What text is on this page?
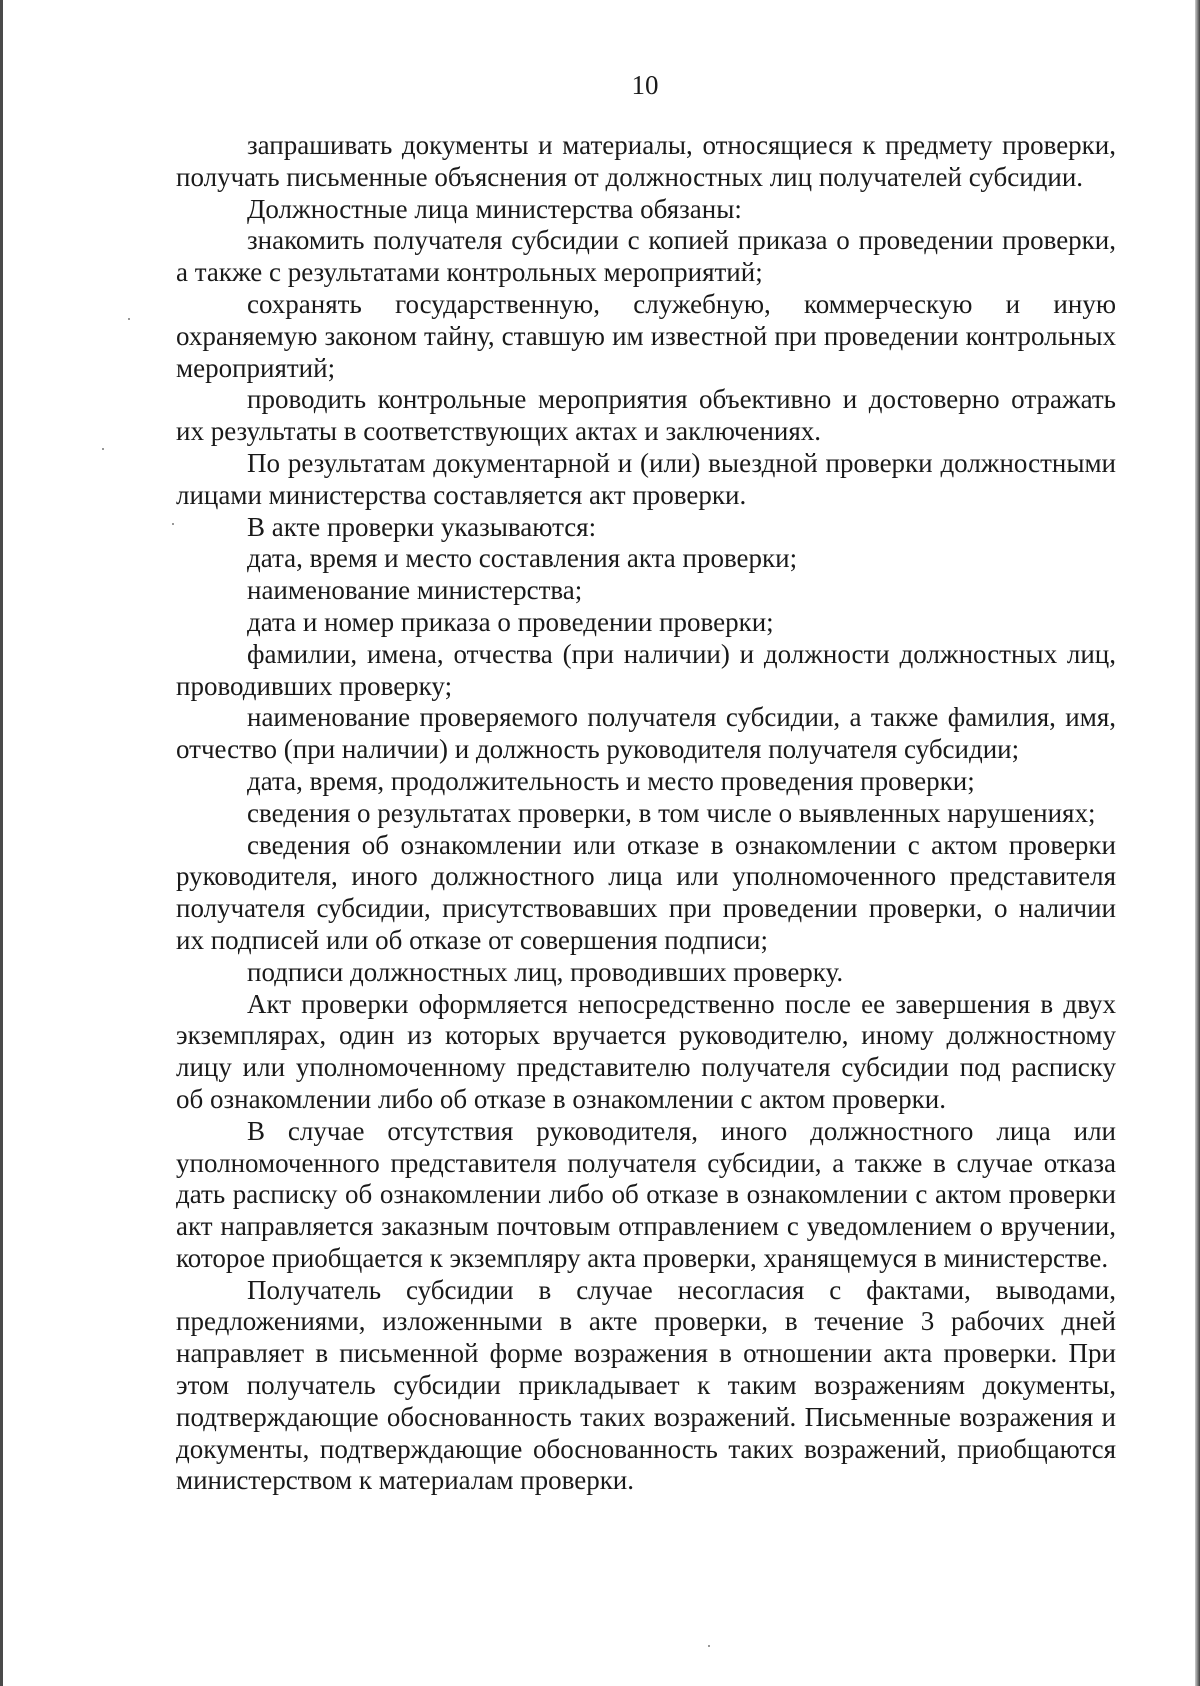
10

запрашивать документы и материалы, относящиеся к предмету проверки, получать письменные объяснения от должностных лиц получателей субсидии.

Должностные лица министерства обязаны:

знакомить получателя субсидии с копией приказа о проведении проверки, а также с результатами контрольных мероприятий;

сохранять государственную, служебную, коммерческую и иную охраняемую законом тайну, ставшую им известной при проведении контрольных мероприятий;

проводить контрольные мероприятия объективно и достоверно отражать их результаты в соответствующих актах и заключениях.

По результатам документарной и (или) выездной проверки должностными лицами министерства составляется акт проверки.

В акте проверки указываются:

дата, время и место составления акта проверки;

наименование министерства;

дата и номер приказа о проведении проверки;

фамилии, имена, отчества (при наличии) и должности должностных лиц, проводивших проверку;

наименование проверяемого получателя субсидии, а также фамилия, имя, отчество (при наличии) и должность руководителя получателя субсидии;

дата, время, продолжительность и место проведения проверки;

сведения о результатах проверки, в том числе о выявленных нарушениях;

сведения об ознакомлении или отказе в ознакомлении с актом проверки руководителя, иного должностного лица или уполномоченного представителя получателя субсидии, присутствовавших при проведении проверки, о наличии их подписей или об отказе от совершения подписи;

подписи должностных лиц, проводивших проверку.

Акт проверки оформляется непосредственно после ее завершения в двух экземплярах, один из которых вручается руководителю, иному должностному лицу или уполномоченному представителю получателя субсидии под расписку об ознакомлении либо об отказе в ознакомлении с актом проверки.

В случае отсутствия руководителя, иного должностного лица или уполномоченного представителя получателя субсидии, а также в случае отказа дать расписку об ознакомлении либо об отказе в ознакомлении с актом проверки акт направляется заказным почтовым отправлением с уведомлением о вручении, которое приобщается к экземпляру акта проверки, хранящемуся в министерстве.

Получатель субсидии в случае несогласия с фактами, выводами, предложениями, изложенными в акте проверки, в течение 3 рабочих дней направляет в письменной форме возражения в отношении акта проверки. При этом получатель субсидии прикладывает к таким возражениям документы, подтверждающие обоснованность таких возражений. Письменные возражения и документы, подтверждающие обоснованность таких возражений, приобщаются министерством к материалам проверки.
